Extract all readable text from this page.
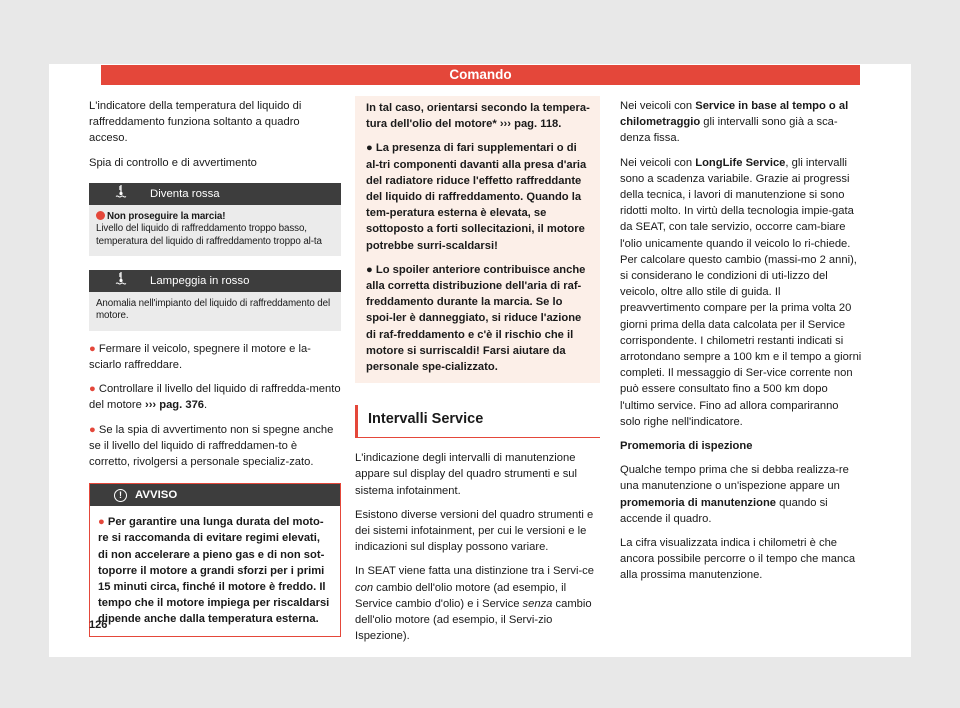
Comando

L'indicatore della temperatura del liquido di raffreddamento funziona soltanto a quadro acceso.

Spia di controllo e di avvertimento

Diventa rossa
Non proseguire la marcia!
Livello del liquido di raffreddamento troppo basso, temperatura del liquido di raffreddamento troppo al-ta
Lampeggia in rosso
Anomalia nell'impianto del liquido di raffreddamento del motore.

● Fermare il veicolo, spegnere il motore e la-sciarlo raffreddare.

● Controllare il livello del liquido di raffredda-mento del motore ››› pag. 376.

● Se la spia di avvertimento non si spegne anche se il livello del liquido di raffreddamen-to è corretto, rivolgersi a personale specializ-zato.

!	AVVISO
● Per garantire una lunga durata del moto-re si raccomanda di evitare regimi elevati, di non accelerare a pieno gas e di non sot-toporre il motore a grandi sforzi per i primi 15 minuti circa, finché il motore è freddo. Il tempo che il motore impiega per riscaldarsi dipende anche dalla temperatura esterna.

In tal caso, orientarsi secondo la tempera-tura dell'olio del motore* ››› pag. 118.

● La presenza di fari supplementari o di al-tri componenti davanti alla presa d'aria del radiatore riduce l'effetto raffreddante del liquido di raffreddamento. Quando la tem-peratura esterna è elevata, se sottoposto a forti sollecitazioni, il motore potrebbe surri-scaldarsi!

● Lo spoiler anteriore contribuisce anche alla corretta distribuzione dell'aria di raf-freddamento durante la marcia. Se lo spoi-ler è danneggiato, si riduce l'azione di raf-freddamento e c'è il rischio che il motore si surriscaldi! Farsi aiutare da personale spe-cializzato.

Intervalli Service

L'indicazione degli intervalli di manutenzione appare sul display del quadro strumenti e sul sistema infotainment.

Esistono diverse versioni del quadro strumenti e dei sistemi infotainment, per cui le versioni e le indicazioni sul display possono variare.

In SEAT viene fatta una distinzione tra i Servi-ce con cambio dell'olio motore (ad esempio, il Service cambio d'olio) e i Service senza cambio dell'olio motore (ad esempio, il Servi-zio Ispezione).

Nei veicoli con Service in base al tempo o al chilometraggio gli intervalli sono già a sca-denza fissa.

Nei veicoli con LongLife Service, gli intervalli sono a scadenza variabile. Grazie ai progressi della tecnica, i lavori di manutenzione si sono ridotti molto. In virtù della tecnologia impie-gata da SEAT, con tale servizio, occorre cam-biare l'olio unicamente quando il veicolo lo ri-chiede. Per calcolare questo cambio (massi-mo 2 anni), si considerano le condizioni di uti-lizzo del veicolo, oltre allo stile di guida. Il preavvertimento compare per la prima volta 20 giorni prima della data calcolata per il Service corrispondente. I chilometri restanti indicati si arrotondano sempre a 100 km e il tempo a giorni completi. Il messaggio di Ser-vice corrente non può essere consultato fino a 500 km dopo l'ultimo service. Fino ad allora compariranno solo righe nell'indicatore.

Promemoria di ispezione

Qualche tempo prima che si debba realizza-re una manutenzione o un'ispezione appare un promemoria di manutenzione quando si accende il quadro.

La cifra visualizzata indica i chilometri è che ancora possibile percorre o il tempo che manca alla prossima manutenzione.

126
